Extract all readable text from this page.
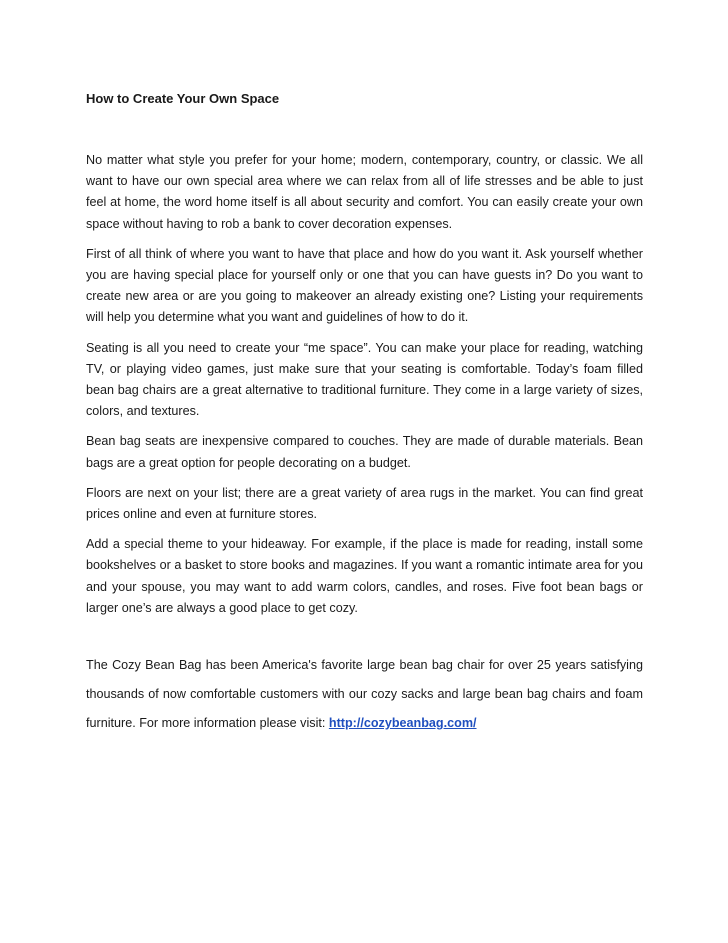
How to Create Your Own Space

No matter what style you prefer for your home; modern, contemporary, country, or classic. We all want to have our own special area where we can relax from all of life stresses and be able to just feel at home, the word home itself is all about security and comfort. You can easily create your own space without having to rob a bank to cover decoration expenses.

First of all think of where you want to have that place and how do you want it. Ask yourself whether you are having special place for yourself only or one that you can have guests in? Do you want to create new area or are you going to makeover an already existing one? Listing your requirements will help you determine what you want and guidelines of how to do it.

Seating is all you need to create your “me space”. You can make your place for reading, watching TV, or playing video games, just make sure that your seating is comfortable. Today’s foam filled bean bag chairs are a great alternative to traditional furniture. They come in a large variety of sizes, colors, and textures.

Bean bag seats are inexpensive compared to couches. They are made of durable materials. Bean bags are a great option for people decorating on a budget.

Floors are next on your list; there are a great variety of area rugs in the market. You can find great prices online and even at furniture stores.

Add a special theme to your hideaway. For example, if the place is made for reading, install some bookshelves or a basket to store books and magazines. If you want a romantic intimate area for you and your spouse, you may want to add warm colors, candles, and roses. Five foot bean bags or larger one’s are always a good place to get cozy.

The Cozy Bean Bag has been America's favorite large bean bag chair for over 25 years satisfying thousands of now comfortable customers with our cozy sacks and large bean bag chairs and foam furniture. For more information please visit: http://cozybeanbag.com/
